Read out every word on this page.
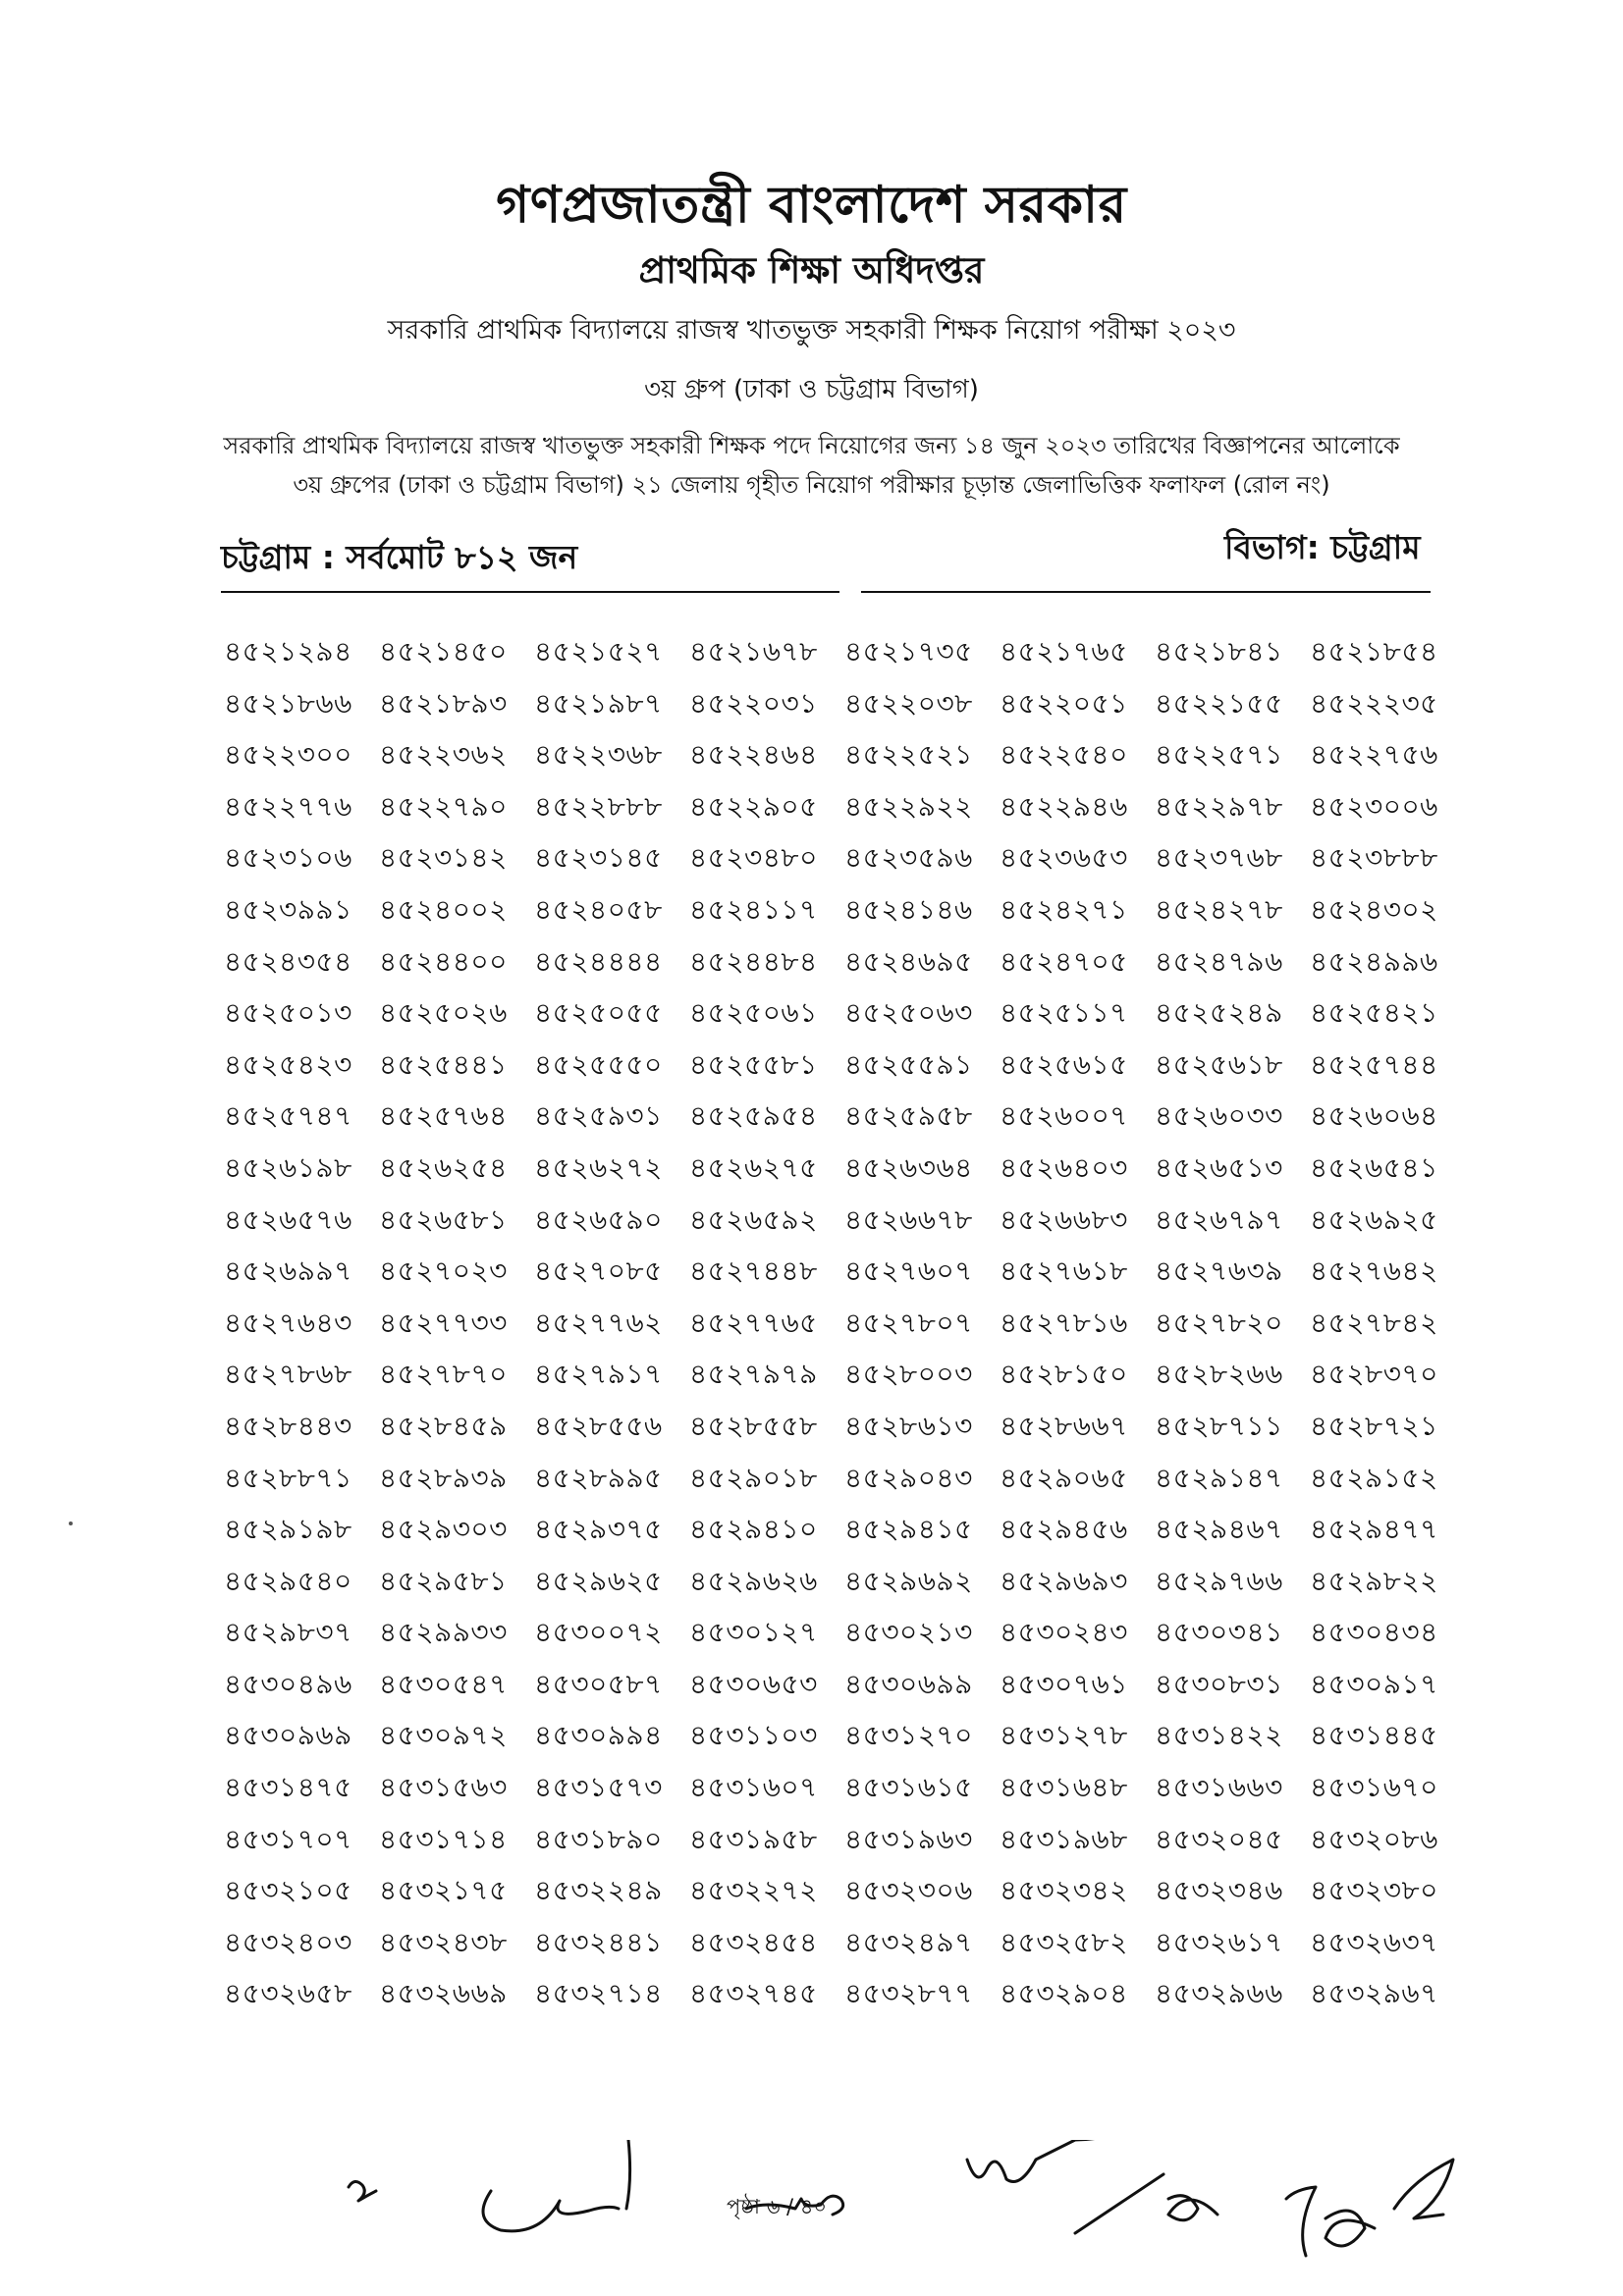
গণপ্রজাতন্ত্রী বাংলাদেশ সরকার
প্রাথমিক শিক্ষা অধিদপ্তর
সরকারি প্রাথমিক বিদ্যালয়ে রাজস্ব খাতভুক্ত সহকারী শিক্ষক নিয়োগ পরীক্ষা ২০২৩
৩য় গ্রুপ (ঢাকা ও চট্টগ্রাম বিভাগ)
সরকারি প্রাথমিক বিদ্যালয়ে রাজস্ব খাতভুক্ত সহকারী শিক্ষক পদে নিয়োগের জন্য ১৪ জুন ২০২৩ তারিখের বিজ্ঞাপনের আলোকে
৩য় গ্রুপের (ঢাকা ও চট্টগ্রাম বিভাগ) ২১ জেলায় গৃহীত নিয়োগ পরীক্ষার চূড়ান্ত জেলাভিত্তিক ফলাফল (রোল নং)
চট্টগ্রাম : সর্বমোট ৮১২ জন	বিভাগ: চট্টগ্রাম
৪৫২১২৯৪ ৪৫২১৪৫০ ৪৫২১৫২৭ ৪৫২১৬৭৮ ৪৫২১৭৩৫ ৪৫২১৭৬৫ ৪৫২১৮৪১ ৪৫২১৮৫৪
৪৫২১৮৬৬ ৪৫২১৮৯৩ ৪৫২১৯৮৭ ৪৫২২০৩১ ৪৫২২০৩৮ ৪৫২২০৫১ ৪৫২২১৫৫ ৪৫২২২৩৫
৪৫২২৩০০ ৪৫২২৩৬২ ৪৫২২৩৬৮ ৪৫২২৪৬৪ ৪৫২২৫২১ ৪৫২২৫৪০ ৪৫২২৫৭১ ৪৫২২৭৫৬
৪৫২২৭৭৬ ৪৫২২৭৯০ ৪৫২২৮৮৮ ৪৫২২৯০৫ ৪৫২২৯২২ ৪৫২২৯৪৬ ৪৫২২৯৭৮ ৪৫২৩০০৬
৪৫২৩১০৬ ৪৫২৩১৪২ ৪৫২৩১৪৫ ৪৫২৩৪৮০ ৪৫২৩৫৯৬ ৪৫২৩৬৫৩ ৪৫২৩৭৬৮ ৪৫২৩৮৮৮
৪৫২৩৯৯১ ৪৫২৪০০২ ৪৫২৪০৫৮ ৪৫২৪১১৭ ৪৫২৪১৪৬ ৪৫২৪২৭১ ৪৫২৪২৭৮ ৪৫২৪৩০২
৪৫২৪৩৫৪ ৪৫২৪৪০০ ৪৫২৪৪৪৪ ৪৫২৪৪৮৪ ৪৫২৪৬৯৫ ৪৫২৪৭০৫ ৪৫২৪৭৯৬ ৪৫২৪৯৯৬
৪৫২৫০১৩ ৪৫২৫০২৬ ৪৫২৫০৫৫ ৪৫২৫০৬১ ৪৫২৫০৬৩ ৪৫২৫১১৭ ৪৫২৫২৪৯ ৪৫২৫৪২১
৪৫২৫৪২৩ ৪৫২৫৪৪১ ৪৫২৫৫৫০ ৪৫২৫৫৮১ ৪৫২৫৫৯১ ৪৫২৫৬১৫ ৪৫২৫৬১৮ ৪৫২৫৭৪৪
৪৫২৫৭৪৭ ৪৫২৫৭৬৪ ৪৫২৫৯৩১ ৪৫২৫৯৫৪ ৪৫২৫৯৫৮ ৪৫২৬০০৭ ৪৫২৬০৩৩ ৪৫২৬০৬৪
৪৫২৬১৯৮ ৪৫২৬২৫৪ ৪৫২৬২৭২ ৪৫২৬২৭৫ ৪৫২৬৩৬৪ ৪৫২৬৪০৩ ৪৫২৬৫১৩ ৪৫২৬৫৪১
৪৫২৬৫৭৬ ৪৫২৬৫৮১ ৪৫২৬৫৯০ ৪৫২৬৫৯২ ৪৫২৬৬৭৮ ৪৫২৬৬৮৩ ৪৫২৬৭৯৭ ৪৫২৬৯২৫
৪৫২৬৯৯৭ ৪৫২৭০২৩ ৪৫২৭০৮৫ ৪৫২৭৪৪৮ ৪৫২৭৬০৭ ৪৫২৭৬১৮ ৪৫২৭৬৩৯ ৪৫২৭৬৪২
৪৫২৭৬৪৩ ৪৫২৭৭৩৩ ৪৫২৭৭৬২ ৪৫২৭৭৬৫ ৪৫২৭৮০৭ ৪৫২৭৮১৬ ৪৫২৭৮২০ ৪৫২৭৮৪২
৪৫২৭৮৬৮ ৪৫২৭৮৭০ ৪৫২৭৯১৭ ৪৫২৭৯৭৯ ৪৫২৮০০৩ ৪৫২৮১৫০ ৪৫২৮২৬৬ ৪৫২৮৩৭০
৪৫২৮৪৪৩ ৪৫২৮৪৫৯ ৪৫২৮৫৫৬ ৪৫২৮৫৫৮ ৪৫২৮৬১৩ ৪৫২৮৬৬৭ ৪৫২৮৭১১ ৪৫২৮৭২১
৪৫২৮৮৭১ ৪৫২৮৯৩৯ ৪৫২৮৯৯৫ ৪৫২৯০১৮ ৪৫২৯০৪৩ ৪৫২৯০৬৫ ৪৫২৯১৪৭ ৪৫২৯১৫২
৪৫২৯১৯৮ ৪৫২৯৩০৩ ৪৫২৯৩৭৫ ৪৫২৯৪১০ ৪৫২৯৪১৫ ৪৫২৯৪৫৬ ৪৫২৯৪৬৭ ৪৫২৯৪৭৭
৪৫২৯৫৪০ ৪৫২৯৫৮১ ৪৫২৯৬২৫ ৪৫২৯৬২৬ ৪৫২৯৬৯২ ৪৫২৯৬৯৩ ৪৫২৯৭৬৬ ৪৫২৯৮২২
৪৫২৯৮৩৭ ৪৫২৯৯৩৩ ৪৫৩০০৭২ ৪৫৩০১২৭ ৪৫৩০২১৩ ৪৫৩০২৪৩ ৪৫৩০৩৪১ ৪৫৩০৪৩৪
৪৫৩০৪৯৬ ৪৫৩০৫৪৭ ৪৫৩০৫৮৭ ৪৫৩০৬৫৩ ৪৫৩০৬৯৯ ৪৫৩০৭৬১ ৪৫৩০৮৩১ ৪৫৩০৯১৭
৪৫৩০৯৬৯ ৪৫৩০৯৭২ ৪৫৩০৯৯৪ ৪৫৩১১০৩ ৪৫৩১২৭০ ৪৫৩১২৭৮ ৪৫৩১৪২২ ৪৫৩১৪৪৫
৪৫৩১৪৭৫ ৪৫৩১৫৬৩ ৪৫৩১৫৭৩ ৪৫৩১৬০৭ ৪৫৩১৬১৫ ৪৫৩১৬৪৮ ৪৫৩১৬৬৩ ৪৫৩১৬৭০
৪৫৩১৭০৭ ৪৫৩১৭১৪ ৪৫৩১৮৯০ ৪৫৩১৯৫৮ ৪৫৩১৯৬৩ ৪৫৩১৯৬৮ ৪৫৩২০৪৫ ৪৫৩২০৮৬
৪৫৩২১০৫ ৪৫৩২১৭৫ ৪৫৩২২৪৯ ৪৫৩২২৭২ ৪৫৩২৩০৬ ৪৫৩২৩৪২ ৪৫৩২৩৪৬ ৪৫৩২৩৮০
৪৫৩২৪০৩ ৪৫৩২৪৩৮ ৪৫৩২৪৪১ ৪৫৩২৪৫৪ ৪৫৩২৪৯৭ ৪৫৩২৫৮২ ৪৫৩২৬১৭ ৪৫৩২৬৩৭
৪৫৩২৬৫৮ ৪৫৩২৬৬৯ ৪৫৩২৭১৪ ৪৫৩২৭৪৫ ৪৫৩২৮৭৭ ৪৫৩২৯০৪ ৪৫৩২৯৬৬ ৪৫৩২৯৬৭
পৃষ্ঠা ৬ / ৪০
